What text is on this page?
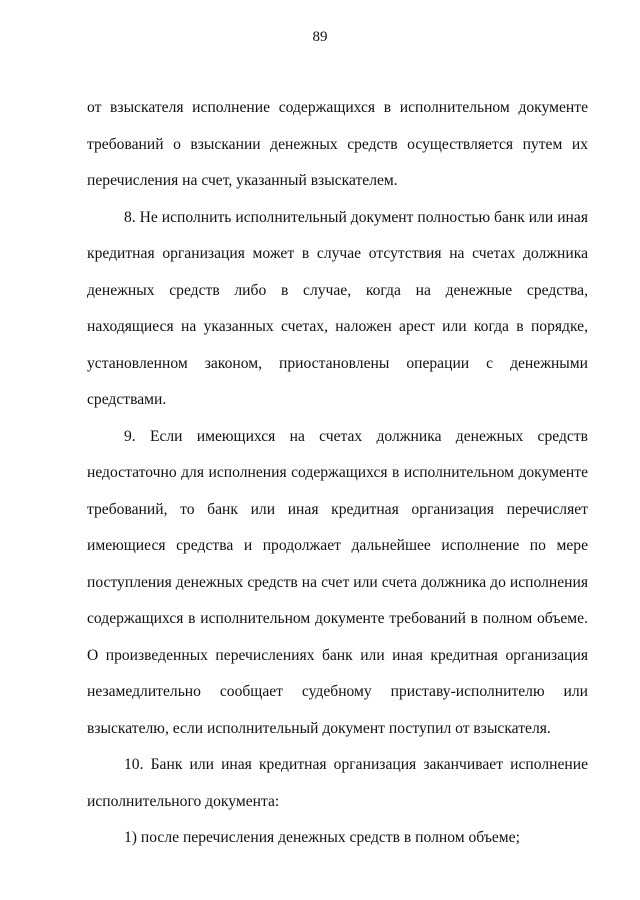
89

от взыскателя исполнение содержащихся в исполнительном документе требований о взыскании денежных средств осуществляется путем их перечисления на счет, указанный взыскателем.

8. Не исполнить исполнительный документ полностью банк или иная кредитная организация может в случае отсутствия на счетах должника денежных средств либо в случае, когда на денежные средства, находящиеся на указанных счетах, наложен арест или когда в порядке, установленном законом, приостановлены операции с денежными средствами.

9. Если имеющихся на счетах должника денежных средств недостаточно для исполнения содержащихся в исполнительном документе требований, то банк или иная кредитная организация перечисляет имеющиеся средства и продолжает дальнейшее исполнение по мере поступления денежных средств на счет или счета должника до исполнения содержащихся в исполнительном документе требований в полном объеме. О произведенных перечислениях банк или иная кредитная организация незамедлительно сообщает судебному приставу-исполнителю или взыскателю, если исполнительный документ поступил от взыскателя.

10. Банк или иная кредитная организация заканчивает исполнение исполнительного документа:

1) после перечисления денежных средств в полном объеме;
